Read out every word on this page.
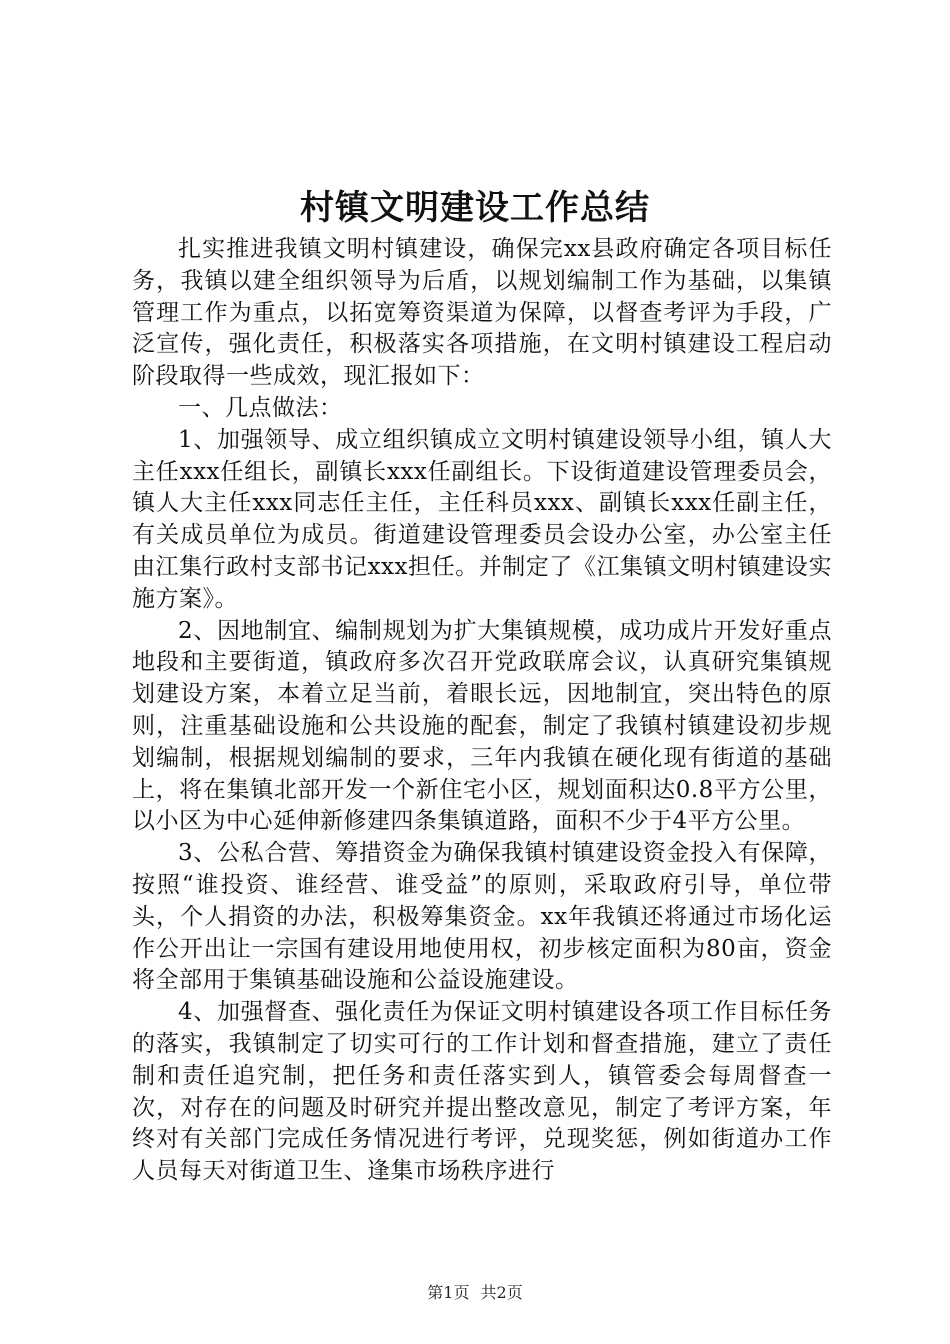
村镇文明建设工作总结

扎实推进我镇文明村镇建设，确保完xx县政府确定各项目标任务，我镇以建全组织领导为后盾，以规划编制工作为基础，以集镇管理工作为重点，以拓宽筹资渠道为保障，以督查考评为手段，广泛宣传，强化责任，积极落实各项措施，在文明村镇建设工程启动阶段取得一些成效，现汇报如下：

一、几点做法：

1、加强领导、成立组织镇成立文明村镇建设领导小组，镇人大主任xxx任组长，副镇长xxx任副组长。下设街道建设管理委员会，镇人大主任xxx同志任主任，主任科员xxx、副镇长xxx任副主任，有关成员单位为成员。街道建设管理委员会设办公室，办公室主任由江集行政村支部书记xxx担任。并制定了《江集镇文明村镇建设实施方案》。

2、因地制宜、编制规划为扩大集镇规模，成功成片开发好重点地段和主要街道，镇政府多次召开党政联席会议，认真研究集镇规划建设方案，本着立足当前，着眼长远，因地制宜，突出特色的原则，注重基础设施和公共设施的配套，制定了我镇村镇建设初步规划编制，根据规划编制的要求，三年内我镇在硬化现有街道的基础上，将在集镇北部开发一个新住宅小区，规划面积达0.8平方公里，以小区为中心延伸新修建四条集镇道路，面积不少于4平方公里。

3、公私合营、筹措资金为确保我镇村镇建设资金投入有保障，按照“谁投资、谁经营、谁受益”的原则，采取政府引导，单位带头，个人捐资的办法，积极筹集资金。xx年我镇还将通过市场化运作公开出让一宗国有建设用地使用权，初步核定面积为80亩，资金将全部用于集镇基础设施和公益设施建设。

4、加强督查、强化责任为保证文明村镇建设各项工作目标任务的落实，我镇制定了切实可行的工作计划和督查措施，建立了责任制和责任追究制，把任务和责任落实到人，镇管委会每周督查一次，对存在的问题及时研究并提出整改意见，制定了考评方案，年终对有关部门完成任务情况进行考评，兑现奖惩，例如街道办工作人员每天对街道卫生、逢集市场秩序进行

第1页 共2页
